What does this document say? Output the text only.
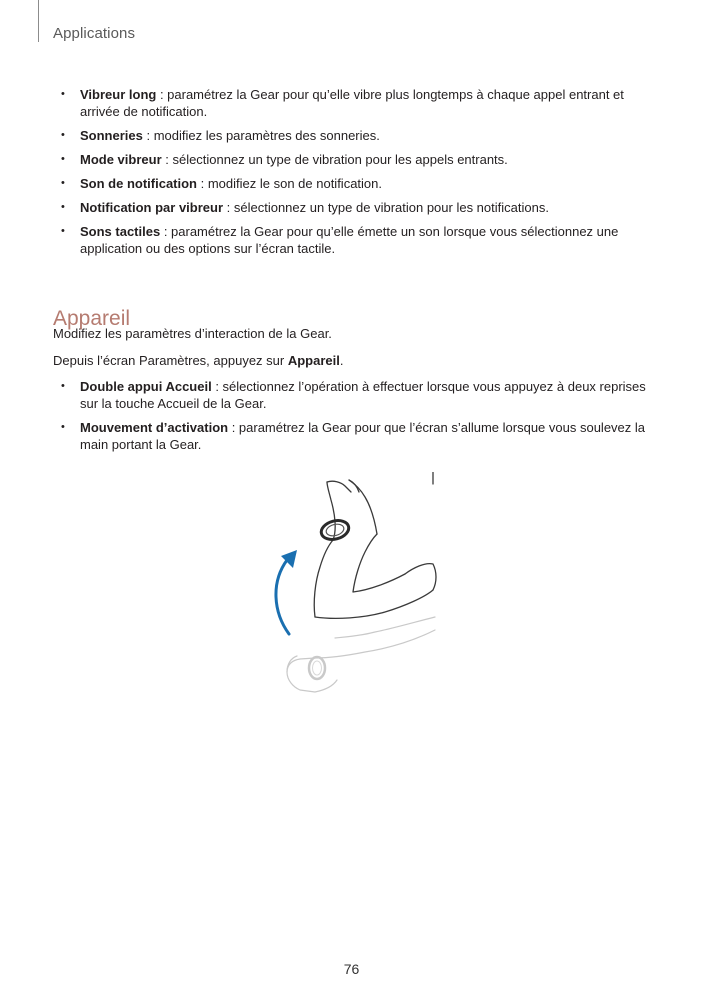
Applications
• Vibreur long : paramétrez la Gear pour qu’elle vibre plus longtemps à chaque appel entrant et arrivée de notification.
• Sonneries : modifiez les paramètres des sonneries.
• Mode vibreur : sélectionnez un type de vibration pour les appels entrants.
• Son de notification : modifiez le son de notification.
• Notification par vibreur : sélectionnez un type de vibration pour les notifications.
• Sons tactiles : paramétrez la Gear pour qu’elle émette un son lorsque vous sélectionnez une application ou des options sur l’écran tactile.
Appareil
Modifiez les paramètres d’interaction de la Gear.
Depuis l’écran Paramètres, appuyez sur Appareil.
• Double appui Accueil : sélectionnez l’opération à effectuer lorsque vous appuyez à deux reprises sur la touche Accueil de la Gear.
• Mouvement d’activation : paramétrez la Gear pour que l’écran s’allume lorsque vous soulevez la main portant la Gear.
76
